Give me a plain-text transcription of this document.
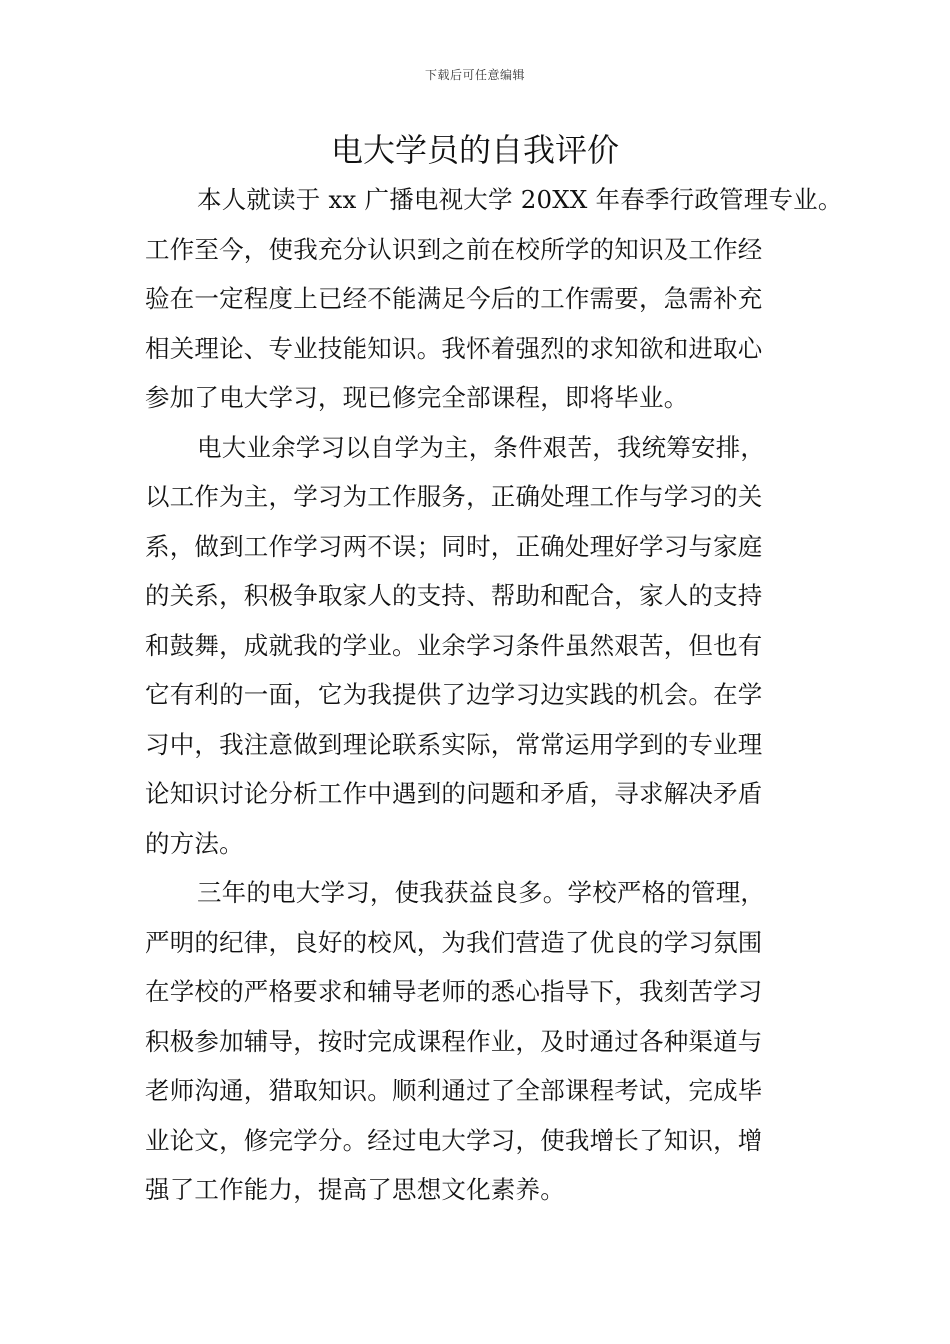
下载后可任意编辑
电大学员的自我评价
本人就读于 xx 广播电视大学 20XX 年春季行政管理专业。
工作至今，使我充分认识到之前在校所学的知识及工作经
验在一定程度上已经不能满足今后的工作需要，急需补充
相关理论、专业技能知识。我怀着强烈的求知欲和进取心
参加了电大学习，现已修完全部课程，即将毕业。
电大业余学习以自学为主，条件艰苦，我统筹安排，
以工作为主，学习为工作服务，正确处理工作与学习的关
系，做到工作学习两不误；同时，正确处理好学习与家庭
的关系，积极争取家人的支持、帮助和配合，家人的支持
和鼓舞，成就我的学业。业余学习条件虽然艰苦，但也有
它有利的一面，它为我提供了边学习边实践的机会。在学
习中，我注意做到理论联系实际，常常运用学到的专业理
论知识讨论分析工作中遇到的问题和矛盾，寻求解决矛盾
的方法。
三年的电大学习，使我获益良多。学校严格的管理，
严明的纪律，良好的校风，为我们营造了优良的学习氛围
在学校的严格要求和辅导老师的悉心指导下，我刻苦学习
积极参加辅导，按时完成课程作业，及时通过各种渠道与
老师沟通，猎取知识。顺利通过了全部课程考试，完成毕
业论文，修完学分。经过电大学习，使我增长了知识，增
强了工作能力，提高了思想文化素养。
